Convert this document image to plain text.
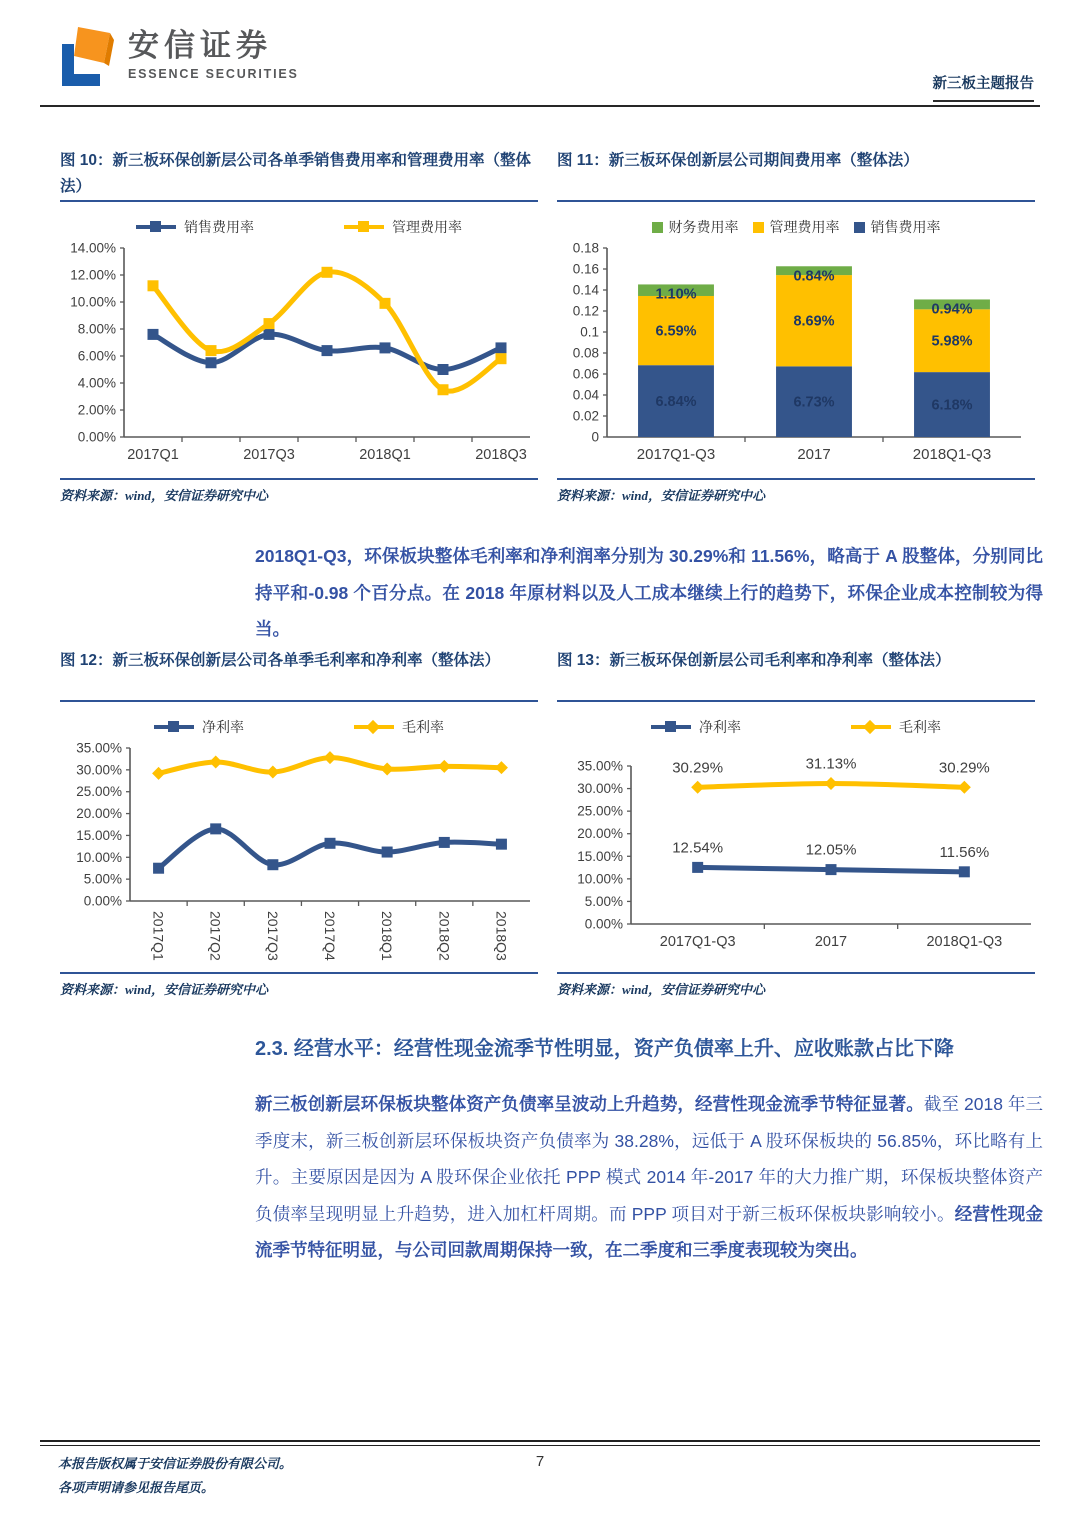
安信证券
ESSENCE SECURITIES
新三板主题报告
图 10：新三板环保创新层公司各单季销售费用率和管理费用率（整体法）
销售费用率	管理费用率
0.00%
2.00%
4.00%
6.00%
8.00%
10.00%
12.00%
14.00%
2017Q1	2017Q3	2018Q1	2018Q3
图 11：新三板环保创新层公司期间费用率（整体法）
财务费用率 管理费用率 销售费用率
0
0.02
0.04
0.06
0.08
0.1
0.12
0.14
0.16
0.18
2017Q1-Q3
6.84%
6.59%
1.10%
2017
6.73%
8.69%
0.84%
2018Q1-Q3
6.18%
5.98%
0.94%
资料来源：wind，安信证券研究中心	资料来源：wind，安信证券研究中心
2018Q1-Q3，环保板块整体毛利率和净利润率分别为 30.29%和 11.56%，略高于 A 股整体，分别同比持平和-0.98 个百分点。在 2018 年原材料以及人工成本继续上行的趋势下，环保企业成本控制较为得当。
图 12：新三板环保创新层公司各单季毛利率和净利率（整体法）
净利率	毛利率
0.00%
5.00%
10.00%
15.00%
20.00%
25.00%
30.00%
35.00%
2017Q1	2017Q2	2017Q3	2017Q4	2018Q1	2018Q2	2018Q3
图 13：新三板环保创新层公司毛利率和净利率（整体法）
净利率	毛利率
0.00%
5.00%
10.00%
15.00%
20.00%
25.00%
30.00%
35.00%
2017Q1-Q3	2017	2018Q1-Q3
12.54%	12.05%	11.56%
30.29%	31.13%	30.29%
资料来源：wind，安信证券研究中心	资料来源：wind，安信证券研究中心
2.3. 经营水平：经营性现金流季节性明显，资产负债率上升、应收账款占比下降
新三板创新层环保板块整体资产负债率呈波动上升趋势，经营性现金流季节特征显著。截至 2018 年三季度末，新三板创新层环保板块资产负债率为 38.28%，远低于 A 股环保板块的 56.85%，环比略有上升。主要原因是因为 A 股环保企业依托 PPP 模式 2014 年-2017 年的大力推广期，环保板块整体资产负债率呈现明显上升趋势，进入加杠杆周期。而 PPP 项目对于新三板环保板块影响较小。经营性现金流季节特征明显，与公司回款周期保持一致，在二季度和三季度表现较为突出。
本报告版权属于安信证券股份有限公司。
各项声明请参见报告尾页。
7
